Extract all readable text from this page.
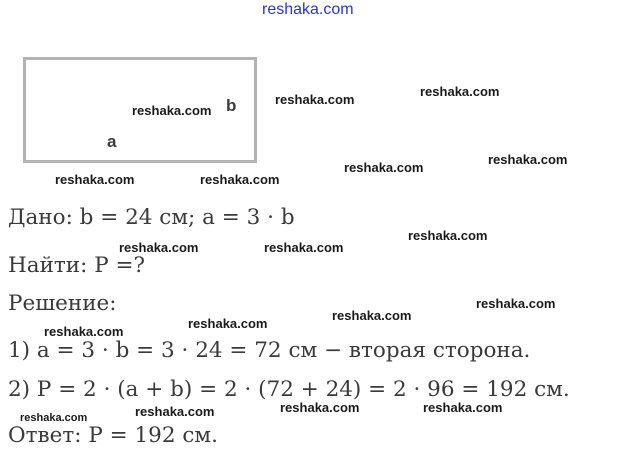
reshaka.com
b
a
reshaka.com
reshaka.com
reshaka.com
reshaka.com
reshaka.com
reshaka.com	reshaka.com
reshaka.com	reshaka.com
reshaka.com
reshaka.com
reshaka.com
reshaka.com
reshaka.com
reshaka.com
reshaka.com	reshaka.com
reshaka.com
Дано: b = 24 см; a = 3 · b
Найти: P =?
Решение:
1) a = 3 · b = 3 · 24 = 72 см − вторая сторона.
2) P = 2 · (a + b) = 2 · (72 + 24) = 2 · 96 = 192 см.
Ответ: P = 192 см.
